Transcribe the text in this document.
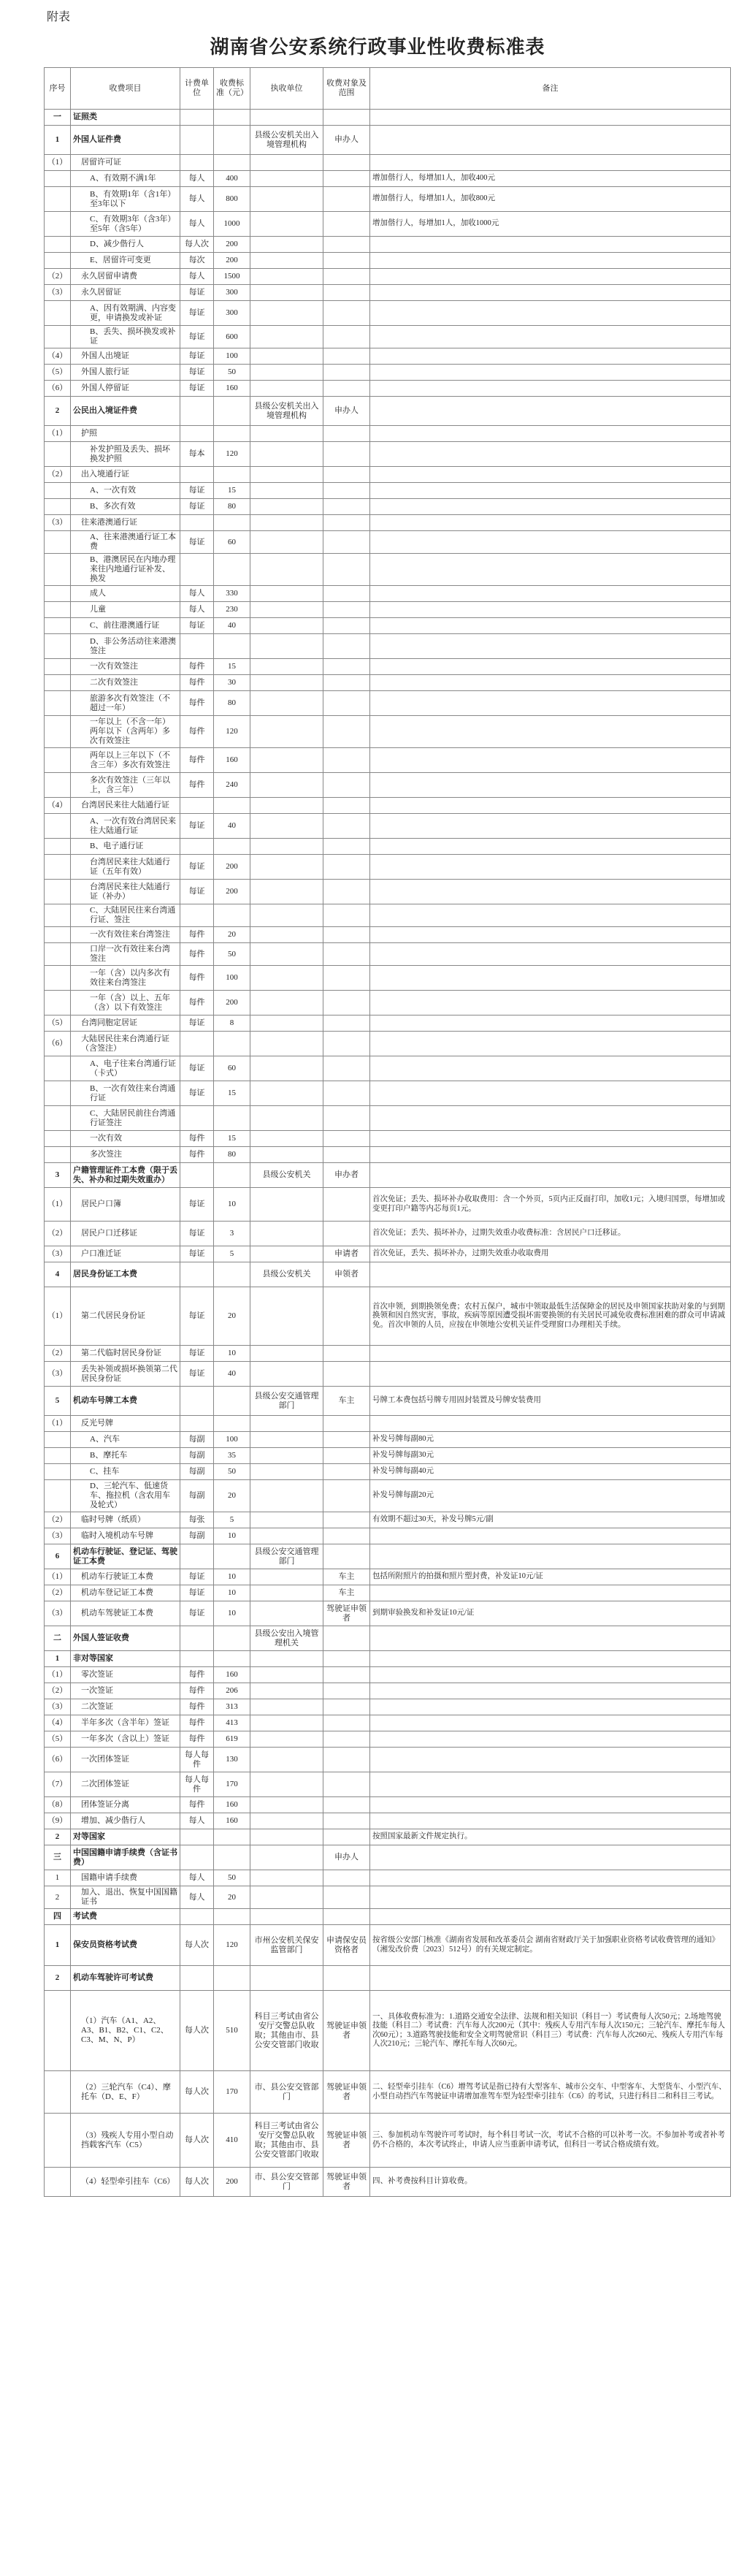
附表
湖南省公安系统行政事业性收费标准表
序号	收费项目	计费单位	收费标准（元）	执收单位	收费对象及范围	备注
一	证照类					
1	外国人证件费			县级公安机关出入境管理机构	申办人	
（1）	居留许可证					
	A、有效期不满1年	每人	400			增加偕行人，每增加1人，加收400元
	B、有效期1年（含1年）至3年以下	每人	800			增加偕行人，每增加1人，加收800元
	C、有效期3年（含3年）至5年（含5年）	每人	1000			增加偕行人，每增加1人，加收1000元
	D、减少偕行人	每人次	200			
	E、居留许可变更	每次	200			
（2）	永久居留申请费	每人	1500			
（3）	永久居留证	每证	300			
	A、因有效期满、内容变更，申请换发或补证	每证	300			
	B、丢失、损坏换发或补证	每证	600			
（4）	外国人出境证	每证	100			
（5）	外国人旅行证	每证	50			
（6）	外国人停留证	每证	160			
2	公民出入境证件费			县级公安机关出入境管理机构	申办人	
（1）	护照					
	补发护照及丢失、损坏换发护照	每本	120			
（2）	出入境通行证					
	A、一次有效	每证	15			
	B、多次有效	每证	80			
（3）	往来港澳通行证					
	A、往来港澳通行证工本费	每证	60			
	B、港澳居民在内地办理来往内地通行证补发、换发					
	成人	每人	330			
	儿童	每人	230			
	C、前往港澳通行证	每证	40			
	D、非公务活动往来港澳签注					
	一次有效签注	每件	15			
	二次有效签注	每件	30			
	旅游多次有效签注（不超过一年）	每件	80			
	一年以上（不含一年）两年以下（含两年）多次有效签注	每件	120			
	两年以上三年以下（不含三年）多次有效签注	每件	160			
	多次有效签注（三年以上，含三年）	每件	240			
（4）	台湾居民来往大陆通行证					
	A、一次有效台湾居民来往大陆通行证	每证	40			
	B、电子通行证					
	台湾居民来往大陆通行证（五年有效）	每证	200			
	台湾居民来往大陆通行证（补办）	每证	200			
	C、大陆居民往来台湾通行证、签注					
	一次有效往来台湾签注	每件	20			
	口岸一次有效往来台湾签注	每件	50			
	一年（含）以内多次有效往来台湾签注	每件	100			
	一年（含）以上、五年（含）以下有效签注	每件	200			
（5）	台湾同胞定居证	每证	8			
（6）	大陆居民往来台湾通行证（含签注）					
	A、电子往来台湾通行证（卡式）	每证	60			
	B、一次有效往来台湾通行证	每证	15			
	C、大陆居民前往台湾通行证签注					
	一次有效	每件	15			
	多次签注	每件	80			
3	户籍管理证件工本费（限于丢失、补办和过期失效重办）			县级公安机关	申办者	
（1）	居民户口簿	每证	10			首次免证；丢失、损坏补办收取费用：含一个外页，5页内正反面打印，加收1元；入境归国票，每增加或变更打印户籍等内芯每页1元。
（2）	居民户口迁移证	每证	3			首次免证；丢失、损坏补办，过期失效重办收费标准：含居民户口迁移证。
（3）	户口准迁证	每证	5		申请者	首次免证，丢失、损坏补办，过期失效重办收取费用
4	居民身份证工本费			县级公安机关	申领者	
（1）	第二代居民身份证	每证	20			首次申领，到期换领免费；农村五保户，城市中领取最低生活保障金的居民及申领国家扶助对象的与到期换领和因自然灾害，事故，疾病等原因遭受损坏需要换领的有关居民可减免收费标准困难的群众可申请减免。首次申领的人员，应按在申领地公安机关证件受理窗口办理相关手续。
（2）	第二代临时居民身份证	每证	10			
（3）	丢失补领或损坏换领第二代居民身份证	每证	40			
5	机动车号牌工本费			县级公安交通管理部门	车主	号牌工本费包括号牌专用固封装置及号牌安装费用
（1）	反光号牌					
	A、汽车	每副	100			补发号牌每副80元
	B、摩托车	每副	35			补发号牌每副30元
	C、挂车	每副	50			补发号牌每副40元
	D、三轮汽车、低速货车、拖拉机（含农用车及轮式）	每副	20			补发号牌每副20元
（2）	临时号牌（纸质）	每张	5			有效期不超过30天，补发号牌5元/副
（3）	临时入境机动车号牌	每副	10			
6	机动车行驶证、登记证、驾驶证工本费			县级公安交通管理部门		
（1）	机动车行驶证工本费	每证	10		车主	包括所附照片的拍摄和照片塑封费，补发证10元/证
（2）	机动车登记证工本费	每证	10		车主	
（3）	机动车驾驶证工本费	每证	10		驾驶证申领者	到期审验换发和补发证10元/证
二	外国人签证收费			县级公安出入境管理机关		
1	非对等国家					
（1）	零次签证	每件	160			
（2）	一次签证	每件	206			
（3）	二次签证	每件	313			
（4）	半年多次（含半年）签证	每件	413			
（5）	一年多次（含以上）签证	每件	619			
（6）	一次团体签证	每人每件	130			
（7）	二次团体签证	每人每件	170			
（8）	团体签证分离	每件	160			
（9）	增加、减少偕行人	每人	160			
2	对等国家					按照国家最新文件规定执行。
三	中国国籍申请手续费（含证书费）				申办人	
1	国籍申请手续费	每人	50			
2	加入、退出、恢复中国国籍证书	每人	20			
四	考试费					
1	保安员资格考试费	每人次	120	市州公安机关保安监管部门	申请保安员资格者	按省级公安部门核准《湖南省发展和改革委员会 湖南省财政厅关于加强职业资格考试收费管理的通知》（湘发改价费〔2023〕512号）的有关规定制定。
2	机动车驾驶许可考试费					
	（1）汽车（A1、A2、A3、B1、B2、C1、C2、C3、M、N、P）	每人次	510	科目三考试由省公安厅交警总队收取；其他由市、县公安交管部门收取	驾驶证申领者	一、具体收费标准为：1.道路交通安全法律、法规和相关知识（科目一）考试费每人次50元；2.场地驾驶技能（科目二）考试费：汽车每人次200元（其中：残疾人专用汽车每人次150元；三轮汽车、摩托车每人次60元）；3.道路驾驶技能和安全文明驾驶常识（科目三）考试费：汽车每人次260元、残疾人专用汽车每人次210元；三轮汽车、摩托车每人次60元。
	（2）三轮汽车（C4）、摩托车（D、E、F）	每人次	170	市、县公安交管部门	驾驶证申领者	二、轻型牵引挂车（C6）增驾考试是指已持有大型客车、城市公交车、中型客车、大型货车、小型汽车、小型自动挡汽车驾驶证申请增加准驾车型为轻型牵引挂车（C6）的考试，只进行科目二和科目三考试。
	（3）残疾人专用小型自动挡载客汽车（C5）	每人次	410	科目三考试由省公安厅交警总队收取；其他由市、县公安交管部门收取	驾驶证申领者	三、参加机动车驾驶许可考试时，每个科目考试一次，考试不合格的可以补考一次。不参加补考或者补考仍不合格的，本次考试终止，申请人应当重新申请考试，但科目一考试合格成绩有效。
	（4）轻型牵引挂车（C6）	每人次	200	市、县公安交管部门	驾驶证申领者	四、补考费按科目计算收费。
